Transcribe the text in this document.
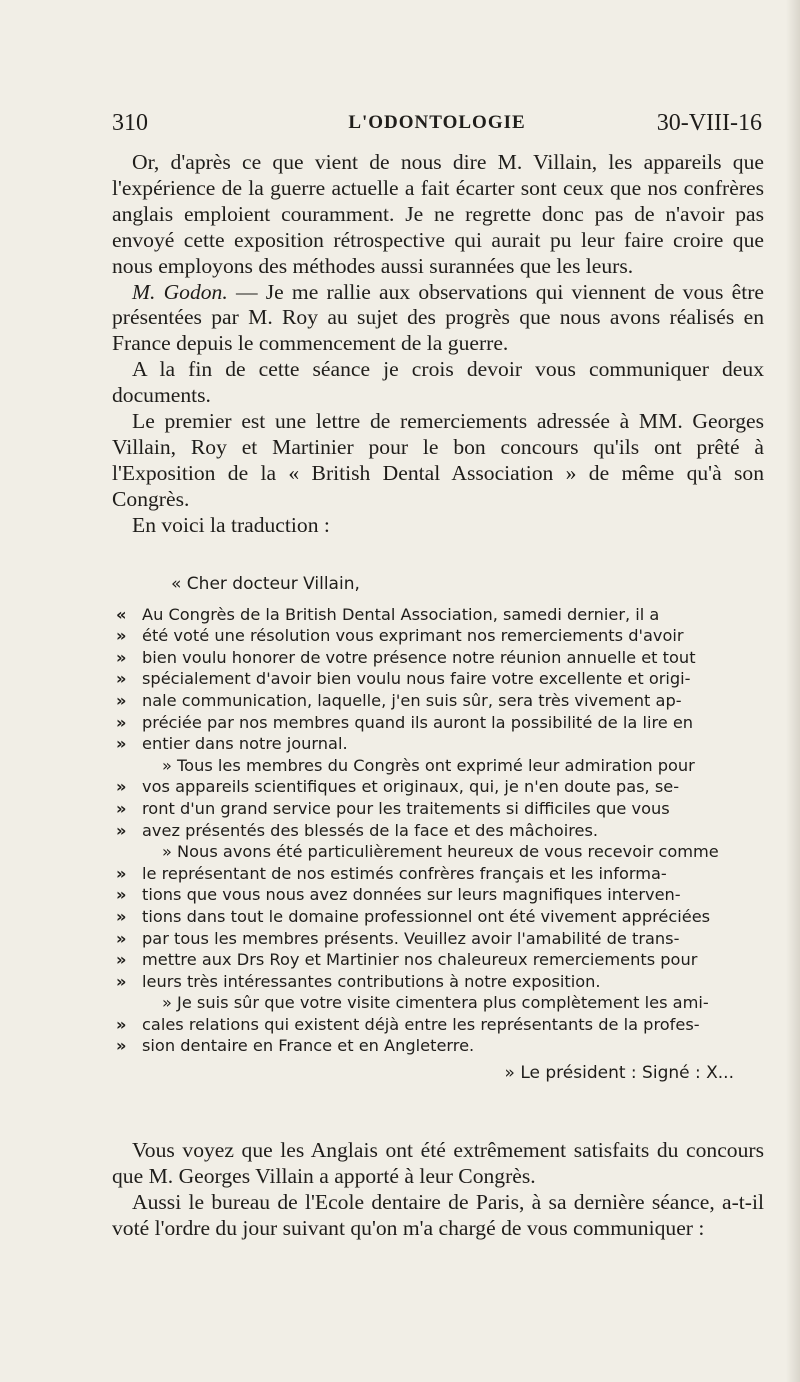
310	L'ODONTOLOGIE	30-VIII-16

Or, d'après ce que vient de nous dire M. Villain, les appareils que l'expérience de la guerre actuelle a fait écarter sont ceux que nos confrères anglais emploient couramment. Je ne regrette donc pas de n'avoir pas envoyé cette exposition rétrospective qui aurait pu leur faire croire que nous employons des méthodes aussi surannées que les leurs.

M. Godon. — Je me rallie aux observations qui viennent de vous être présentées par M. Roy au sujet des progrès que nous avons réalisés en France depuis le commencement de la guerre.

A la fin de cette séance je crois devoir vous communiquer deux documents.

Le premier est une lettre de remerciements adressée à MM. Georges Villain, Roy et Martinier pour le bon concours qu'ils ont prêté à l'Exposition de la « British Dental Association » de même qu'à son Congrès.

En voici la traduction :

« Cher docteur Villain,
« Au Congrès de la British Dental Association, samedi dernier, il a
» été voté une résolution vous exprimant nos remerciements d'avoir
» bien voulu honorer de votre présence notre réunion annuelle et tout
» spécialement d'avoir bien voulu nous faire votre excellente et origi-
» nale communication, laquelle, j'en suis sûr, sera très vivement ap-
» préciée par nos membres quand ils auront la possibilité de la lire en
» entier dans notre journal.
» Tous les membres du Congrès ont exprimé leur admiration pour
» vos appareils scientifiques et originaux, qui, je n'en doute pas, se-
» ront d'un grand service pour les traitements si difficiles que vous
» avez présentés des blessés de la face et des mâchoires.
» Nous avons été particulièrement heureux de vous recevoir comme
» le représentant de nos estimés confrères français et les informa-
» tions que vous nous avez données sur leurs magnifiques interven-
» tions dans tout le domaine professionnel ont été vivement appréciées
» par tous les membres présents. Veuillez avoir l'amabilité de trans-
» mettre aux Drs Roy et Martinier nos chaleureux remerciements pour
» leurs très intéressantes contributions à notre exposition.
» Je suis sûr que votre visite cimentera plus complètement les ami-
» cales relations qui existent déjà entre les représentants de la profes-
» sion dentaire en France et en Angleterre.
» Le président : Signé : X...

Vous voyez que les Anglais ont été extrêmement satisfaits du concours que M. Georges Villain a apporté à leur Congrès.

Aussi le bureau de l'Ecole dentaire de Paris, à sa dernière séance, a-t-il voté l'ordre du jour suivant qu'on m'a chargé de vous communiquer :
